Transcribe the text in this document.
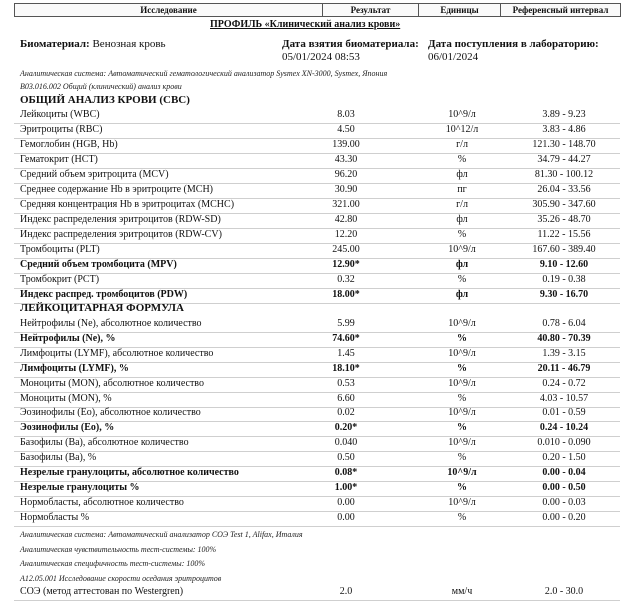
Исследование	Результат	Единицы	Референсный интервал
ПРОФИЛЬ «Клинический анализ крови»
Биоматериал: Венозная кровь	Дата взятия биоматериала:
05/01/2024 08:53
Дата поступления в лабораторию:
06/01/2024
Аналитическая система: Автоматический гематологический анализатор Sysmex XN-3000, Sysmex, Япония
В03.016.002 Общий (клинический) анализ крови
ОБЩИЙ АНАЛИЗ КРОВИ (CBC)
Лейкоциты (WBC)	8.03	10^9/л	3.89 - 9.23
Эритроциты (RBC)	4.50	10^12/л	3.83 - 4.86
Гемоглобин (HGB, Hb)	139.00	г/л	121.30 - 148.70
Гематокрит (HCT)	43.30	%	34.79 - 44.27
Средний объем эритроцита (MCV)	96.20	фл	81.30 - 100.12
Среднее содержание Hb в эритроците (MCH)	30.90	пг	26.04 - 33.56
Средняя концентрация Hb в эритроцитах (MCHC)	321.00	г/л	305.90 - 347.60
Индекс распределения эритроцитов (RDW-SD)	42.80	фл	35.26 - 48.70
Индекс распределения эритроцитов (RDW-CV)	12.20	%	11.22 - 15.56
Тромбоциты (PLT)	245.00	10^9/л	167.60 - 389.40
Средний объем тромбоцита (MPV)	12.90*	фл	9.10 - 12.60
Тромбокрит (PCT)	0.32	%	0.19 - 0.38
Индекс распред. тромбоцитов (PDW)	18.00*	фл	9.30 - 16.70
ЛЕЙКОЦИТАРНАЯ ФОРМУЛА
Нейтрофилы (Ne), абсолютное количество	5.99	10^9/л	0.78 - 6.04
Нейтрофилы (Ne), %	74.60*	%	40.80 - 70.39
Лимфоциты (LYMF), абсолютное количество	1.45	10^9/л	1.39 - 3.15
Лимфоциты (LYMF), %	18.10*	%	20.11 - 46.79
Моноциты (MON), абсолютное количество	0.53	10^9/л	0.24 - 0.72
Моноциты (MON), %	6.60	%	4.03 - 10.57
Эозинофилы (Eo), абсолютное количество	0.02	10^9/л	0.01 - 0.59
Эозинофилы (Eo), %	0.20*	%	0.24 - 10.24
Базофилы (Ba), абсолютное количество	0.040	10^9/л	0.010 - 0.090
Базофилы (Ba), %	0.50	%	0.20 - 1.50
Незрелые гранулоциты, абсолютное количество	0.08*	10^9/л	0.00 - 0.04
Незрелые гранулоциты %	1.00*	%	0.00 - 0.50
Нормобласты, абсолютное количество	0.00	10^9/л	0.00 - 0.03
Нормобласты %	0.00	%	0.00 - 0.20
Аналитическая система: Автоматический анализатор СОЭ Test 1, Alifax, Италия
Аналитическая чувствительность тест-системы: 100%
Аналитическая специфичность тест-системы: 100%
А12.05.001 Исследование скорости оседания эритроцитов
СОЭ (метод аттестован по Westergren)	2.0	мм/ч	2.0 - 30.0
